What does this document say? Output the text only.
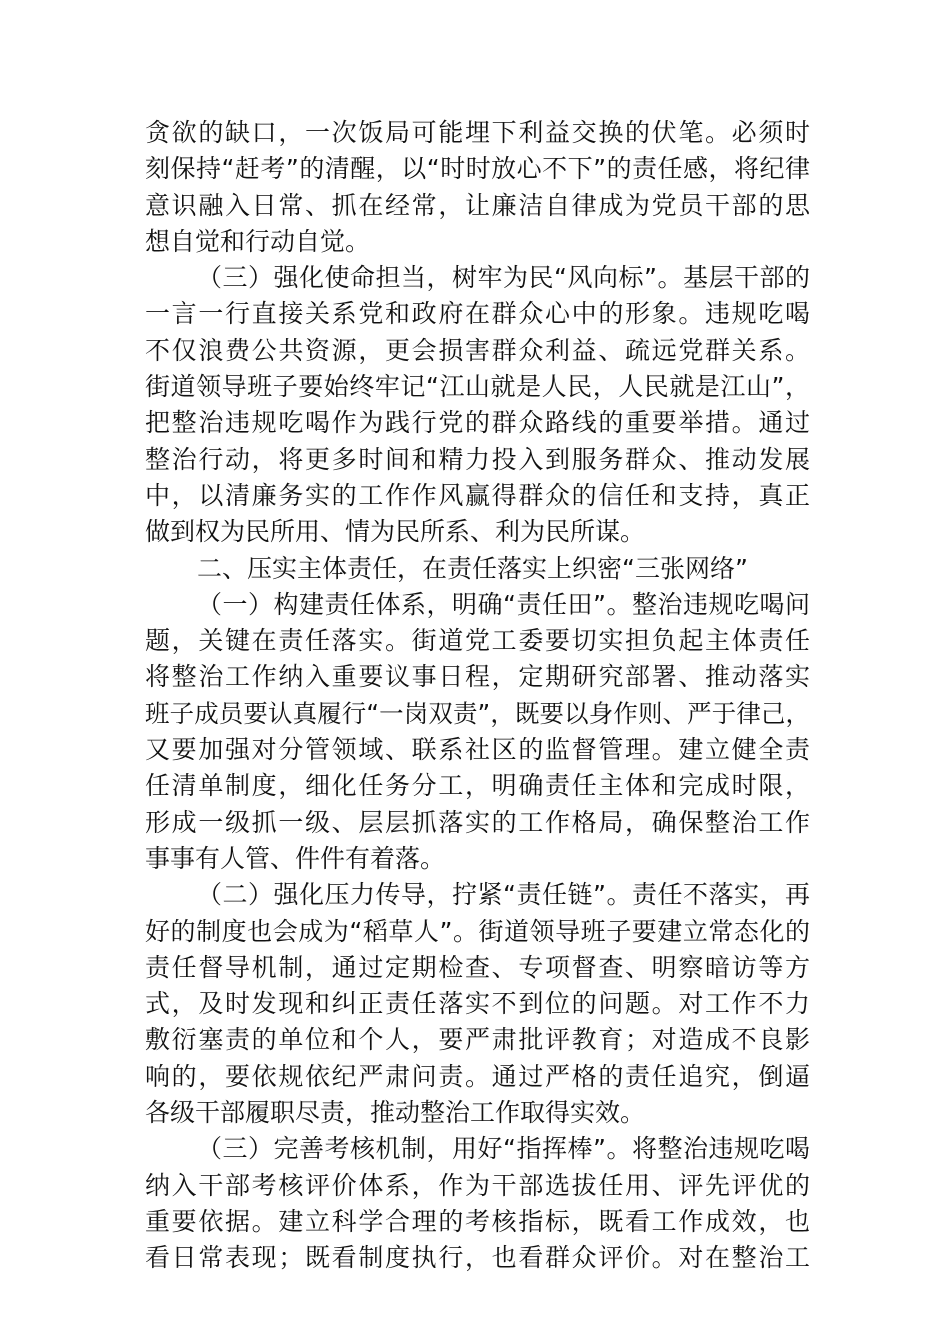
贪欲的缺口，一次饭局可能埋下利益交换的伏笔。必须时
刻保持“赶考”的清醒，以“时时放心不下”的责任感，将纪律
意识融入日常、抓在经常，让廉洁自律成为党员干部的思
想自觉和行动自觉。
（三）强化使命担当，树牢为民“风向标”。基层干部的
一言一行直接关系党和政府在群众心中的形象。违规吃喝
不仅浪费公共资源，更会损害群众利益、疏远党群关系。
街道领导班子要始终牢记“江山就是人民，人民就是江山”，
把整治违规吃喝作为践行党的群众路线的重要举措。通过
整治行动，将更多时间和精力投入到服务群众、推动发展
中，以清廉务实的工作作风赢得群众的信任和支持，真正
做到权为民所用、情为民所系、利为民所谋。
二、压实主体责任，在责任落实上织密“三张网络”
（一）构建责任体系，明确“责任田”。整治违规吃喝问
题，关键在责任落实。街道党工委要切实担负起主体责任
将整治工作纳入重要议事日程，定期研究部署、推动落实
班子成员要认真履行“一岗双责”，既要以身作则、严于律己，
又要加强对分管领域、联系社区的监督管理。建立健全责
任清单制度，细化任务分工，明确责任主体和完成时限，
形成一级抓一级、层层抓落实的工作格局，确保整治工作
事事有人管、件件有着落。
（二）强化压力传导，拧紧“责任链”。责任不落实，再
好的制度也会成为“稻草人”。街道领导班子要建立常态化的
责任督导机制，通过定期检查、专项督查、明察暗访等方
式，及时发现和纠正责任落实不到位的问题。对工作不力
敷衍塞责的单位和个人，要严肃批评教育；对造成不良影
响的，要依规依纪严肃问责。通过严格的责任追究，倒逼
各级干部履职尽责，推动整治工作取得实效。
（三）完善考核机制，用好“指挥棒”。将整治违规吃喝
纳入干部考核评价体系，作为干部选拔任用、评先评优的
重要依据。建立科学合理的考核指标，既看工作成效，也
看日常表现；既看制度执行，也看群众评价。对在整治工
